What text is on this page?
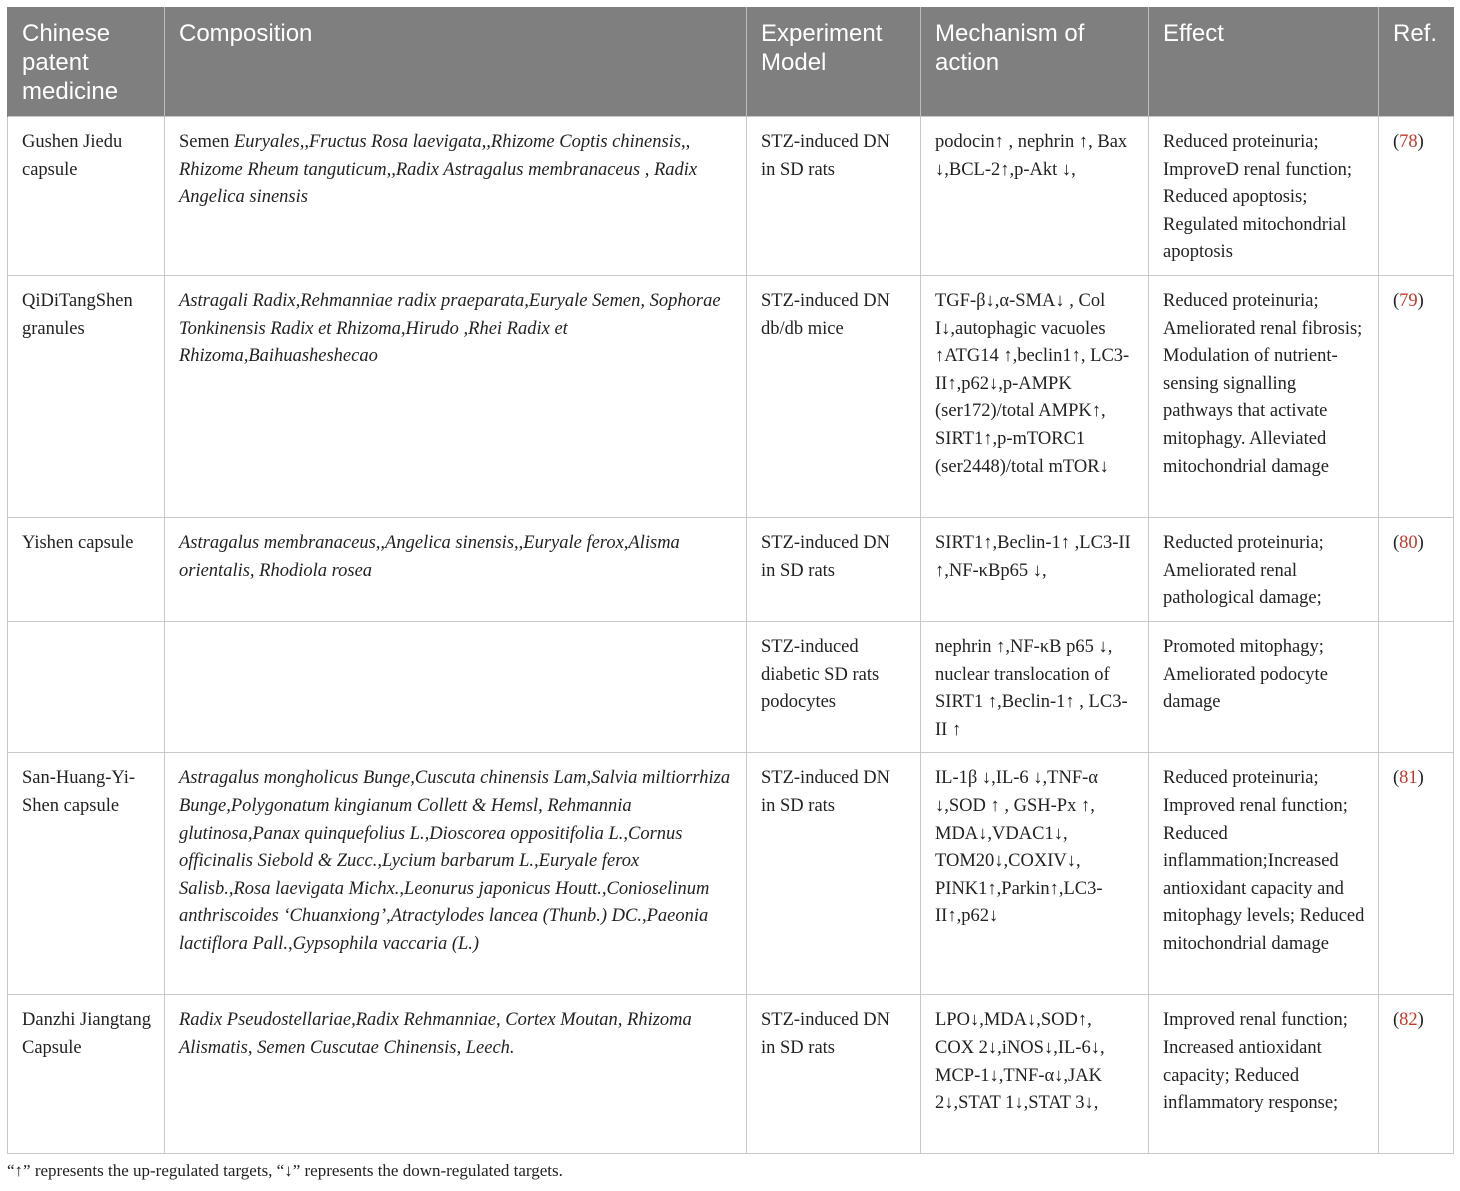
Chinese patent medicine	Composition	Experiment Model	Mechanism of action	Effect	Ref.
Gushen Jiedu capsule	Semen Euryales,,Fructus Rosa laevigata,,Rhizome Coptis chinensis,, Rhizome Rheum tanguticum,,Radix Astragalus membranaceus , Radix Angelica sinensis	STZ-induced DN in SD rats	podocin↑ , nephrin ↑, Bax ↓,BCL-2↑,p-Akt ↓,	Reduced proteinuria; ImproveD renal function; Reduced apoptosis; Regulated mitochondrial apoptosis	(78)
QiDiTangShen granules	Astragali Radix,Rehmanniae radix praeparata,Euryale Semen, Sophorae Tonkinensis Radix et Rhizoma,Hirudo ,Rhei Radix et Rhizoma,Baihuasheshecao	STZ-induced DN db/db mice	TGF-β↓,α-SMA↓ , Col I↓,autophagic vacuoles ↑ATG14 ↑,beclin1↑, LC3-II↑,p62↓,p-AMPK (ser172)/total AMPK↑, SIRT1↑,p-mTORC1 (ser2448)/total mTOR↓	Reduced proteinuria; Ameliorated renal fibrosis; Modulation of nutrient-sensing signalling pathways that activate mitophagy. Alleviated mitochondrial damage	(79)
Yishen capsule	Astragalus membranaceus,,Angelica sinensis,,Euryale ferox,Alisma orientalis, Rhodiola rosea	STZ-induced DN in SD rats	SIRT1↑,Beclin-1↑ ,LC3-II ↑,NF-κBp65 ↓,	Reducted proteinuria; Ameliorated renal pathological damage;	(80)
		STZ-induced diabetic SD rats podocytes	nephrin ↑,NF-κB p65 ↓, nuclear translocation of SIRT1 ↑,Beclin-1↑ , LC3-II ↑	Promoted mitophagy; Ameliorated podocyte damage	
San-Huang-Yi-Shen capsule	Astragalus mongholicus Bunge,Cuscuta chinensis Lam,Salvia miltiorrhiza Bunge,Polygonatum kingianum Collett & Hemsl, Rehmannia glutinosa,Panax quinquefolius L.,Dioscorea oppositifolia L.,Cornus officinalis Siebold & Zucc.,Lycium barbarum L.,Euryale ferox Salisb.,Rosa laevigata Michx.,Leonurus japonicus Houtt.,Conioselinum anthriscoides ‘Chuanxiong’,Atractylodes lancea (Thunb.) DC.,Paeonia lactiflora Pall.,Gypsophila vaccaria (L.)	STZ-induced DN in SD rats	IL-1β ↓,IL-6 ↓,TNF-α ↓,SOD ↑ , GSH-Px ↑, MDA↓,VDAC1↓, TOM20↓,COXIV↓, PINK1↑,Parkin↑,LC3-II↑,p62↓	Reduced proteinuria; Improved renal function; Reduced inflammation;Increased antioxidant capacity and mitophagy levels; Reduced mitochondrial damage	(81)
Danzhi Jiangtang Capsule	Radix Pseudostellariae,Radix Rehmanniae, Cortex Moutan, Rhizoma Alismatis, Semen Cuscutae Chinensis, Leech.	STZ-induced DN in SD rats	LPO↓,MDA↓,SOD↑, COX 2↓,iNOS↓,IL-6↓, MCP-1↓,TNF-α↓,JAK 2↓,STAT 1↓,STAT 3↓,	Improved renal function; Increased antioxidant capacity; Reduced inflammatory response;	(82)
“↑” represents the up-regulated targets, “↓” represents the down-regulated targets.
